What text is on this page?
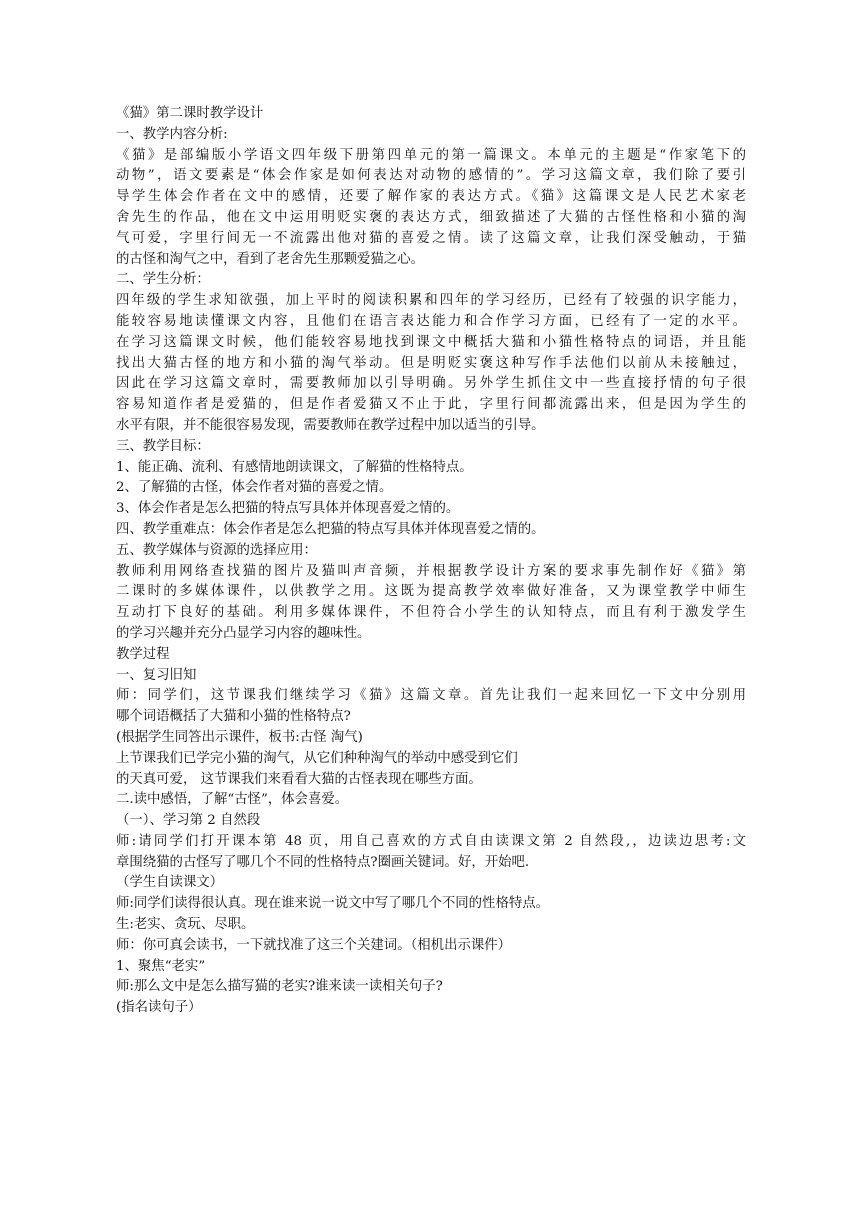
《猫》第二课时教学设计
一、教学内容分析:
《猫》是部编版小学语文四年级下册第四单元的第一篇课文。本单元的主题是“作家笔下的
动物”，语文要素是“体会作家是如何表达对动物的感情的”。学习这篇文章，我们除了要引
导学生体会作者在文中的感情，还要了解作家的表达方式。《猫》这篇课文是人民艺术家老
舍先生的作品，他在文中运用明贬实褒的表达方式，细致描述了大猫的古怪性格和小猫的淘
气可爱，字里行间无一不流露出他对猫的喜爱之情。读了这篇文章，让我们深受触动，于猫
的古怪和淘气之中，看到了老舍先生那颗爱猫之心。
二、学生分析：
四年级的学生求知欲强，加上平时的阅读积累和四年的学习经历，已经有了较强的识字能力，
能较容易地读懂课文内容，且他们在语言表达能力和合作学习方面，已经有了一定的水平。
在学习这篇课文时候，他们能较容易地找到课文中概括大猫和小猫性格特点的词语，并且能
找出大猫古怪的地方和小猫的淘气举动。但是明贬实褒这种写作手法他们以前从未接触过，
因此在学习这篇文章时，需要教师加以引导明确。另外学生抓住文中一些直接抒情的句子很
容易知道作者是爱猫的，但是作者爱猫又不止于此，字里行间都流露出来，但是因为学生的
水平有限，并不能很容易发现，需要教师在教学过程中加以适当的引导。
三、教学目标：
1、能正确、流利、有感情地朗读课文，了解猫的性格特点。
2、了解猫的古怪，体会作者对猫的喜爱之情。
3、体会作者是怎么把猫的特点写具体并体现喜爱之情的。
四、教学重难点：体会作者是怎么把猫的特点写具体并体现喜爱之情的。
五、教学媒体与资源的选择应用：
教师利用网络查找猫的图片及猫叫声音频，并根据教学设计方案的要求事先制作好《猫》第
二课时的多媒体课件，以供教学之用。这既为提高教学效率做好准备，又为课堂教学中师生
互动打下良好的基础。利用多媒体课件，不但符合小学生的认知特点，而且有利于激发学生
的学习兴趣并充分凸显学习内容的趣味性。
教学过程
一、复习旧知
师：同学们，这节课我们继续学习《猫》这篇文章。首先让我们一起来回忆一下文中分别用
哪个词语概括了大猫和小猫的性格特点?
(根据学生同答出示课件，板书:古怪 淘气)
上节课我们已学完小猫的淘气，从它们种种淘气的举动中感受到它们
的天真可爱， 这节课我们来看看大猫的古怪表现在哪些方面。
二.读中感悟，了解“古怪”，体会喜爱。
（一）、学习第 2 自然段
师:请同学们打开课本第 48 页，用自己喜欢的方式自由读课文第 2 自然段,，边读边思考:文
章围绕猫的古怪写了哪几个不同的性格特点?圈画关键词。好，开始吧.
（学生自读课文）
师:同学们读得很认真。现在谁来说一说文中写了哪几个不同的性格特点。
生:老实、贪玩、尽职。
师：你可真会读书，一下就找准了这三个关建词。（相机出示课件）
1、聚焦“老实”
师:那么文中是怎么描写猫的老实?谁来读一读相关句子?
(指名读句子）
